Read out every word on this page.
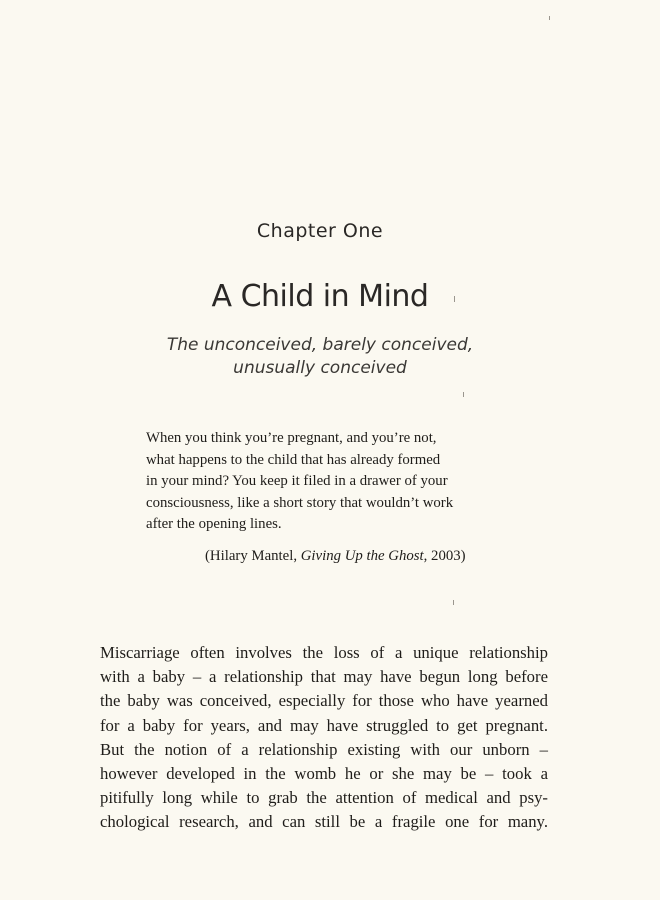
Chapter One
A Child in Mind
The unconceived, barely conceived,
unusually conceived
When you think you’re pregnant, and you’re not,
what happens to the child that has already formed
in your mind? You keep it filed in a drawer of your
consciousness, like a short story that wouldn’t work
after the opening lines.
(Hilary Mantel, Giving Up the Ghost, 2003)
Miscarriage often involves the loss of a unique relationship
with a baby – a relationship that may have begun long before
the baby was conceived, especially for those who have yearned
for a baby for years, and may have struggled to get pregnant.
But the notion of a relationship existing with our unborn –
however developed in the womb he or she may be – took a
pitifully long while to grab the attention of medical and psy-
chological research, and can still be a fragile one for many.
